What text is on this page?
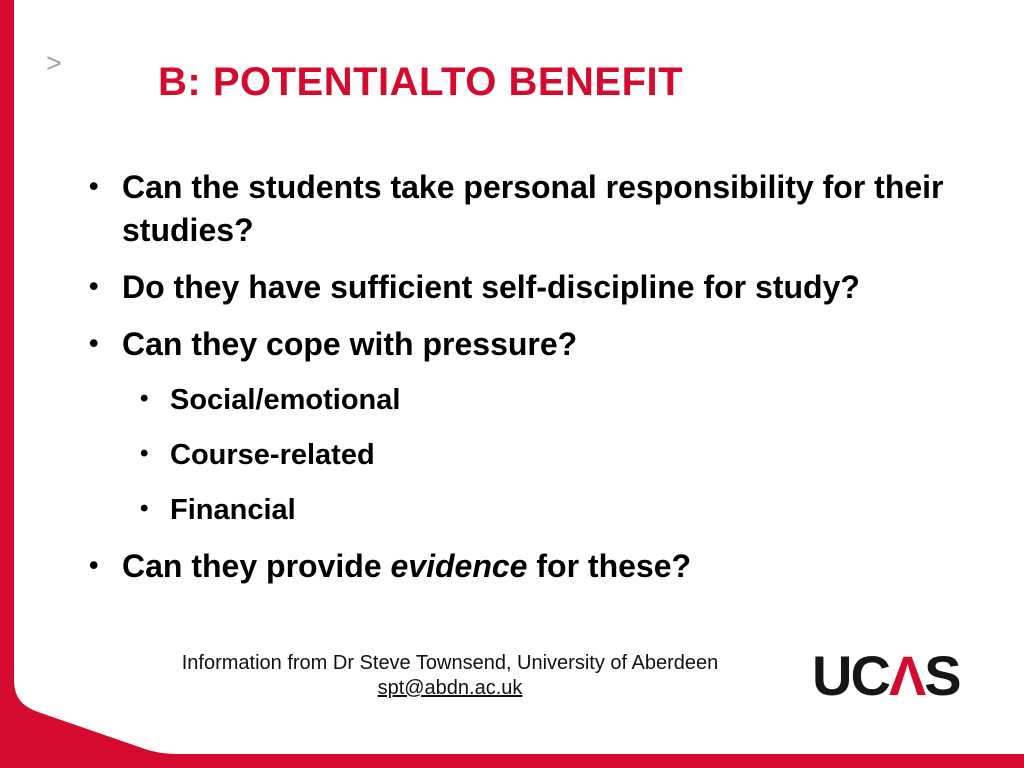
> B: POTENTIALTO BENEFIT
• Can the students take personal responsibility for their studies?
• Do they have sufficient self-discipline for study?
• Can they cope with pressure?
• Social/emotional
• Course-related
• Financial
• Can they provide evidence for these?
Information from Dr Steve Townsend, University of Aberdeen
spt@abdn.ac.uk	UCΛS
